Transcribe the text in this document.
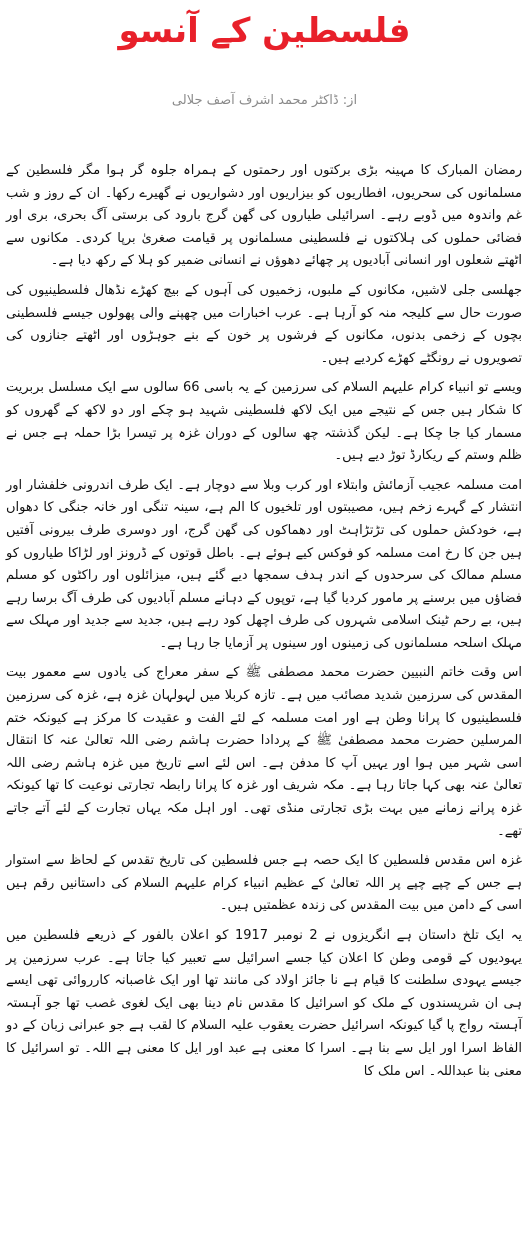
فلسطین کے آنسو
از: ڈاکٹر محمد اشرف آصف جلالی

رمضان المبارک کا مہینہ بڑی برکتوں اور رحمتوں کے ہمراہ جلوہ گر ہوا مگر فلسطین کے مسلمانوں کی سحریوں، افطاریوں کو بیزاریوں اور دشواریوں نے گھیرے رکھا۔ ان کے روز و شب غم واندوہ میں ڈوبے رہے۔ اسرائیلی طیاروں کی گھن گرج بارود کی برستی آگ بحری، بری اور فضائی حملوں کی ہلاکتوں نے فلسطینی مسلمانوں پر قیامت صغریٰ برپا کردی۔ مکانوں سے اٹھتے شعلوں اور انسانی آبادیوں پر چھائے دھوؤں نے انسانی ضمیر کو ہلا کے رکھ دیا ہے۔

جھلسی جلی لاشیں، مکانوں کے ملبوں، زخمیوں کی آہوں کے بیچ کھڑے نڈھال فلسطینیوں کی صورت حال سے کلیجہ منہ کو آرہا ہے۔ عرب اخبارات میں چھپنے والی پھولوں جیسے فلسطینی بچوں کے زخمی بدنوں، مکانوں کے فرشوں پر خون کے بنے جوہڑوں اور اٹھتے جنازوں کی تصویروں نے رونگٹے کھڑے کردیے ہیں۔

ویسے تو انبیاء کرام علیہم السلام کی سرزمین کے یہ باسی 66 سالوں سے ایک مسلسل بربریت کا شکار ہیں جس کے نتیجے میں ایک لاکھ فلسطینی شہید ہو چکے اور دو لاکھ کے گھروں کو مسمار کیا جا چکا ہے۔ لیکن گذشتہ چھ سالوں کے دوران غزہ پر تیسرا بڑا حملہ ہے جس نے ظلم وستم کے ریکارڈ توڑ دیے ہیں۔

امت مسلمہ عجیب آزمائش وابتلاء اور کرب وبلا سے دوچار ہے۔ ایک طرف اندرونی خلفشار اور انتشار کے گہرے زخم ہیں، مصیبتوں اور تلخیوں کا الم ہے، سینہ تنگی اور خانہ جنگی کا دھواں ہے، خودکش حملوں کی تڑتڑاہٹ اور دھماکوں کی گھن گرج، اور دوسری طرف بیرونی آفتیں ہیں جن کا رخ امت مسلمہ کو فوکس کیے ہوئے ہے۔ باطل قوتوں کے ڈرونز اور لڑاکا طیاروں کو مسلم ممالک کی سرحدوں کے اندر ہدف سمجھا دیے گئے ہیں، میزائلوں اور راکٹوں کو مسلم فضاؤں میں برسنے پر مامور کردیا گیا ہے، توپوں کے دہانے مسلم آبادیوں کی طرف آگ برسا رہے ہیں، بے رحم ٹینک اسلامی شہروں کی طرف اچھل کود رہے ہیں، جدید سے جدید اور مہلک سے مہلک اسلحہ مسلمانوں کی زمینوں اور سینوں پر آزمایا جا رہا ہے۔

اس وقت خاتم النبیین حضرت محمد مصطفی ﷺ کے سفر معراج کی یادوں سے معمور بیت المقدس کی سرزمین شدید مصائب میں ہے۔ تازہ کربلا میں لہولہان غزہ ہے، غزہ کی سرزمین فلسطینیوں کا پرانا وطن ہے اور امت مسلمہ کے لئے الفت و عقیدت کا مرکز ہے کیونکہ ختم المرسلین حضرت محمد مصطفیٰ ﷺ کے پردادا حضرت ہاشم رضی اللہ تعالیٰ عنہ کا انتقال اسی شہر میں ہوا اور یہیں آپ کا مدفن ہے۔ اس لئے اسے تاریخ میں غزہ ہاشم رضی اللہ تعالیٰ عنہ بھی کہا جاتا رہا ہے۔ مکہ شریف اور غزہ کا پرانا رابطہ تجارتی نوعیت کا تھا کیونکہ غزہ پرانے زمانے میں بہت بڑی تجارتی منڈی تھی۔ اور اہل مکہ یہاں تجارت کے لئے آتے جاتے تھے۔

غزہ اس مقدس فلسطین کا ایک حصہ ہے جس فلسطین کی تاریخ تقدس کے لحاظ سے استوار ہے جس کے چپے چپے پر اللہ تعالیٰ کے عظیم انبیاء کرام علیہم السلام کی داستانیں رقم ہیں اسی کے دامن میں بیت المقدس کی زندہ عظمتیں ہیں۔

یہ ایک تلخ داستان ہے انگریزوں نے 2 نومبر 1917 کو اعلان بالفور کے ذریعے فلسطین میں یہودیوں کے قومی وطن کا اعلان کیا جسے اسرائیل سے تعبیر کیا جاتا ہے۔ عرب سرزمین پر جیسے یہودی سلطنت کا قیام ہے نا جائز اولاد کی مانند تھا اور ایک غاصبانہ کارروائی تھی ایسے ہی ان شرپسندوں کے ملک کو اسرائیل کا مقدس نام دینا بھی ایک لغوی غصب تھا جو آہستہ آہستہ رواج پا گیا کیونکہ اسرائیل حضرت یعقوب علیہ السلام کا لقب ہے جو عبرانی زبان کے دو الفاظ اسرا اور ایل سے بنا ہے۔ اسرا کا معنی ہے عبد اور ایل کا معنی ہے اللہ۔ تو اسرائیل کا معنی بنا عبداللہ۔ اس ملک کا
